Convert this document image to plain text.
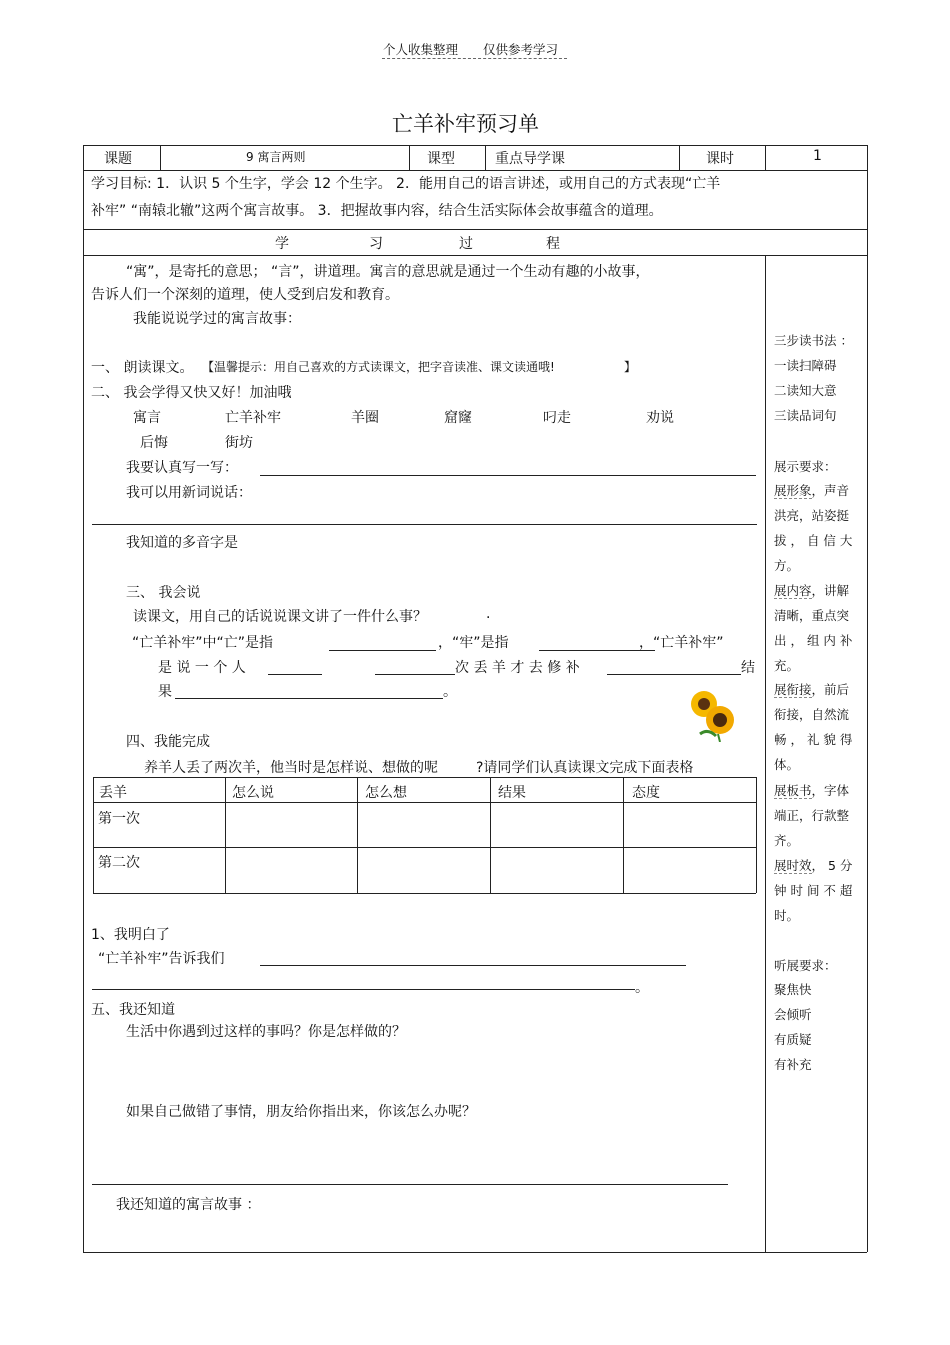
个人收集整理 仅供参考学习
亡羊补牢预习单
课题	9 寓言两则	课型	重点导学课	课时	1
学习目标: 1．认识 5 个生字，学会 12 个生字。 2．能用自己的语言讲述，或用自己的方式表现“亡羊
补牢” “南辕北辙”这两个寓言故事。 3．把握故事内容，结合生活实际体会故事蕴含的道理。
学	习	过	程
“寓”，是寄托的意思； “言”，讲道理。寓言的意思就是通过一个生动有趣的小故事，
告诉人们一个深刻的道理，使人受到启发和教育。
我能说说学过的寓言故事：
一、 朗读课文。 【温馨提示：用自己喜欢的方式读课文，把字音读准、课文读通哦!	】
二、 我会学得又快又好！加油哦
寓言	亡羊补牢	羊圈	窟窿	叼走	劝说
后悔	街坊
我要认真写一写：
我可以用新词说话：
我知道的多音字是
三、 我会说
读课文，用自己的话说说课文讲了一件什么事？	.
“亡羊补牢”中“亡”是指	，“牢”是指	，“亡羊补牢”
是 说 一 个 人	次 丢 羊 才 去 修 补	结
果	。
四、我能完成
养羊人丢了两次羊，他当时是怎样说、想做的呢	?请同学们认真读课文完成下面表格
丢羊	怎么说	怎么想	结果	态度
第一次
第二次
1、我明白了
“亡羊补牢”告诉我们
。
五、我还知道
生活中你遇到过这样的事吗？你是怎样做的？
如果自己做错了事情，朋友给你指出来，你该怎么办呢？
我还知道的寓言故事 ：
三步读书法 ：
一读扫障碍
二读知大意
三读品词句
展示要求：
展形象，声音
洪亮，站姿挺
拔 ， 自 信 大
方。
展内容，讲解
清晰，重点突
出 ， 组 内 补
充。
展衔接，前后
衔接，自然流
畅 ， 礼 貌 得
体。
展板书，字体
端正，行款整
齐。
展时效， 5 分
钟 时 间 不 超
时。
听展要求：
聚焦快
会倾听
有质疑
有补充
